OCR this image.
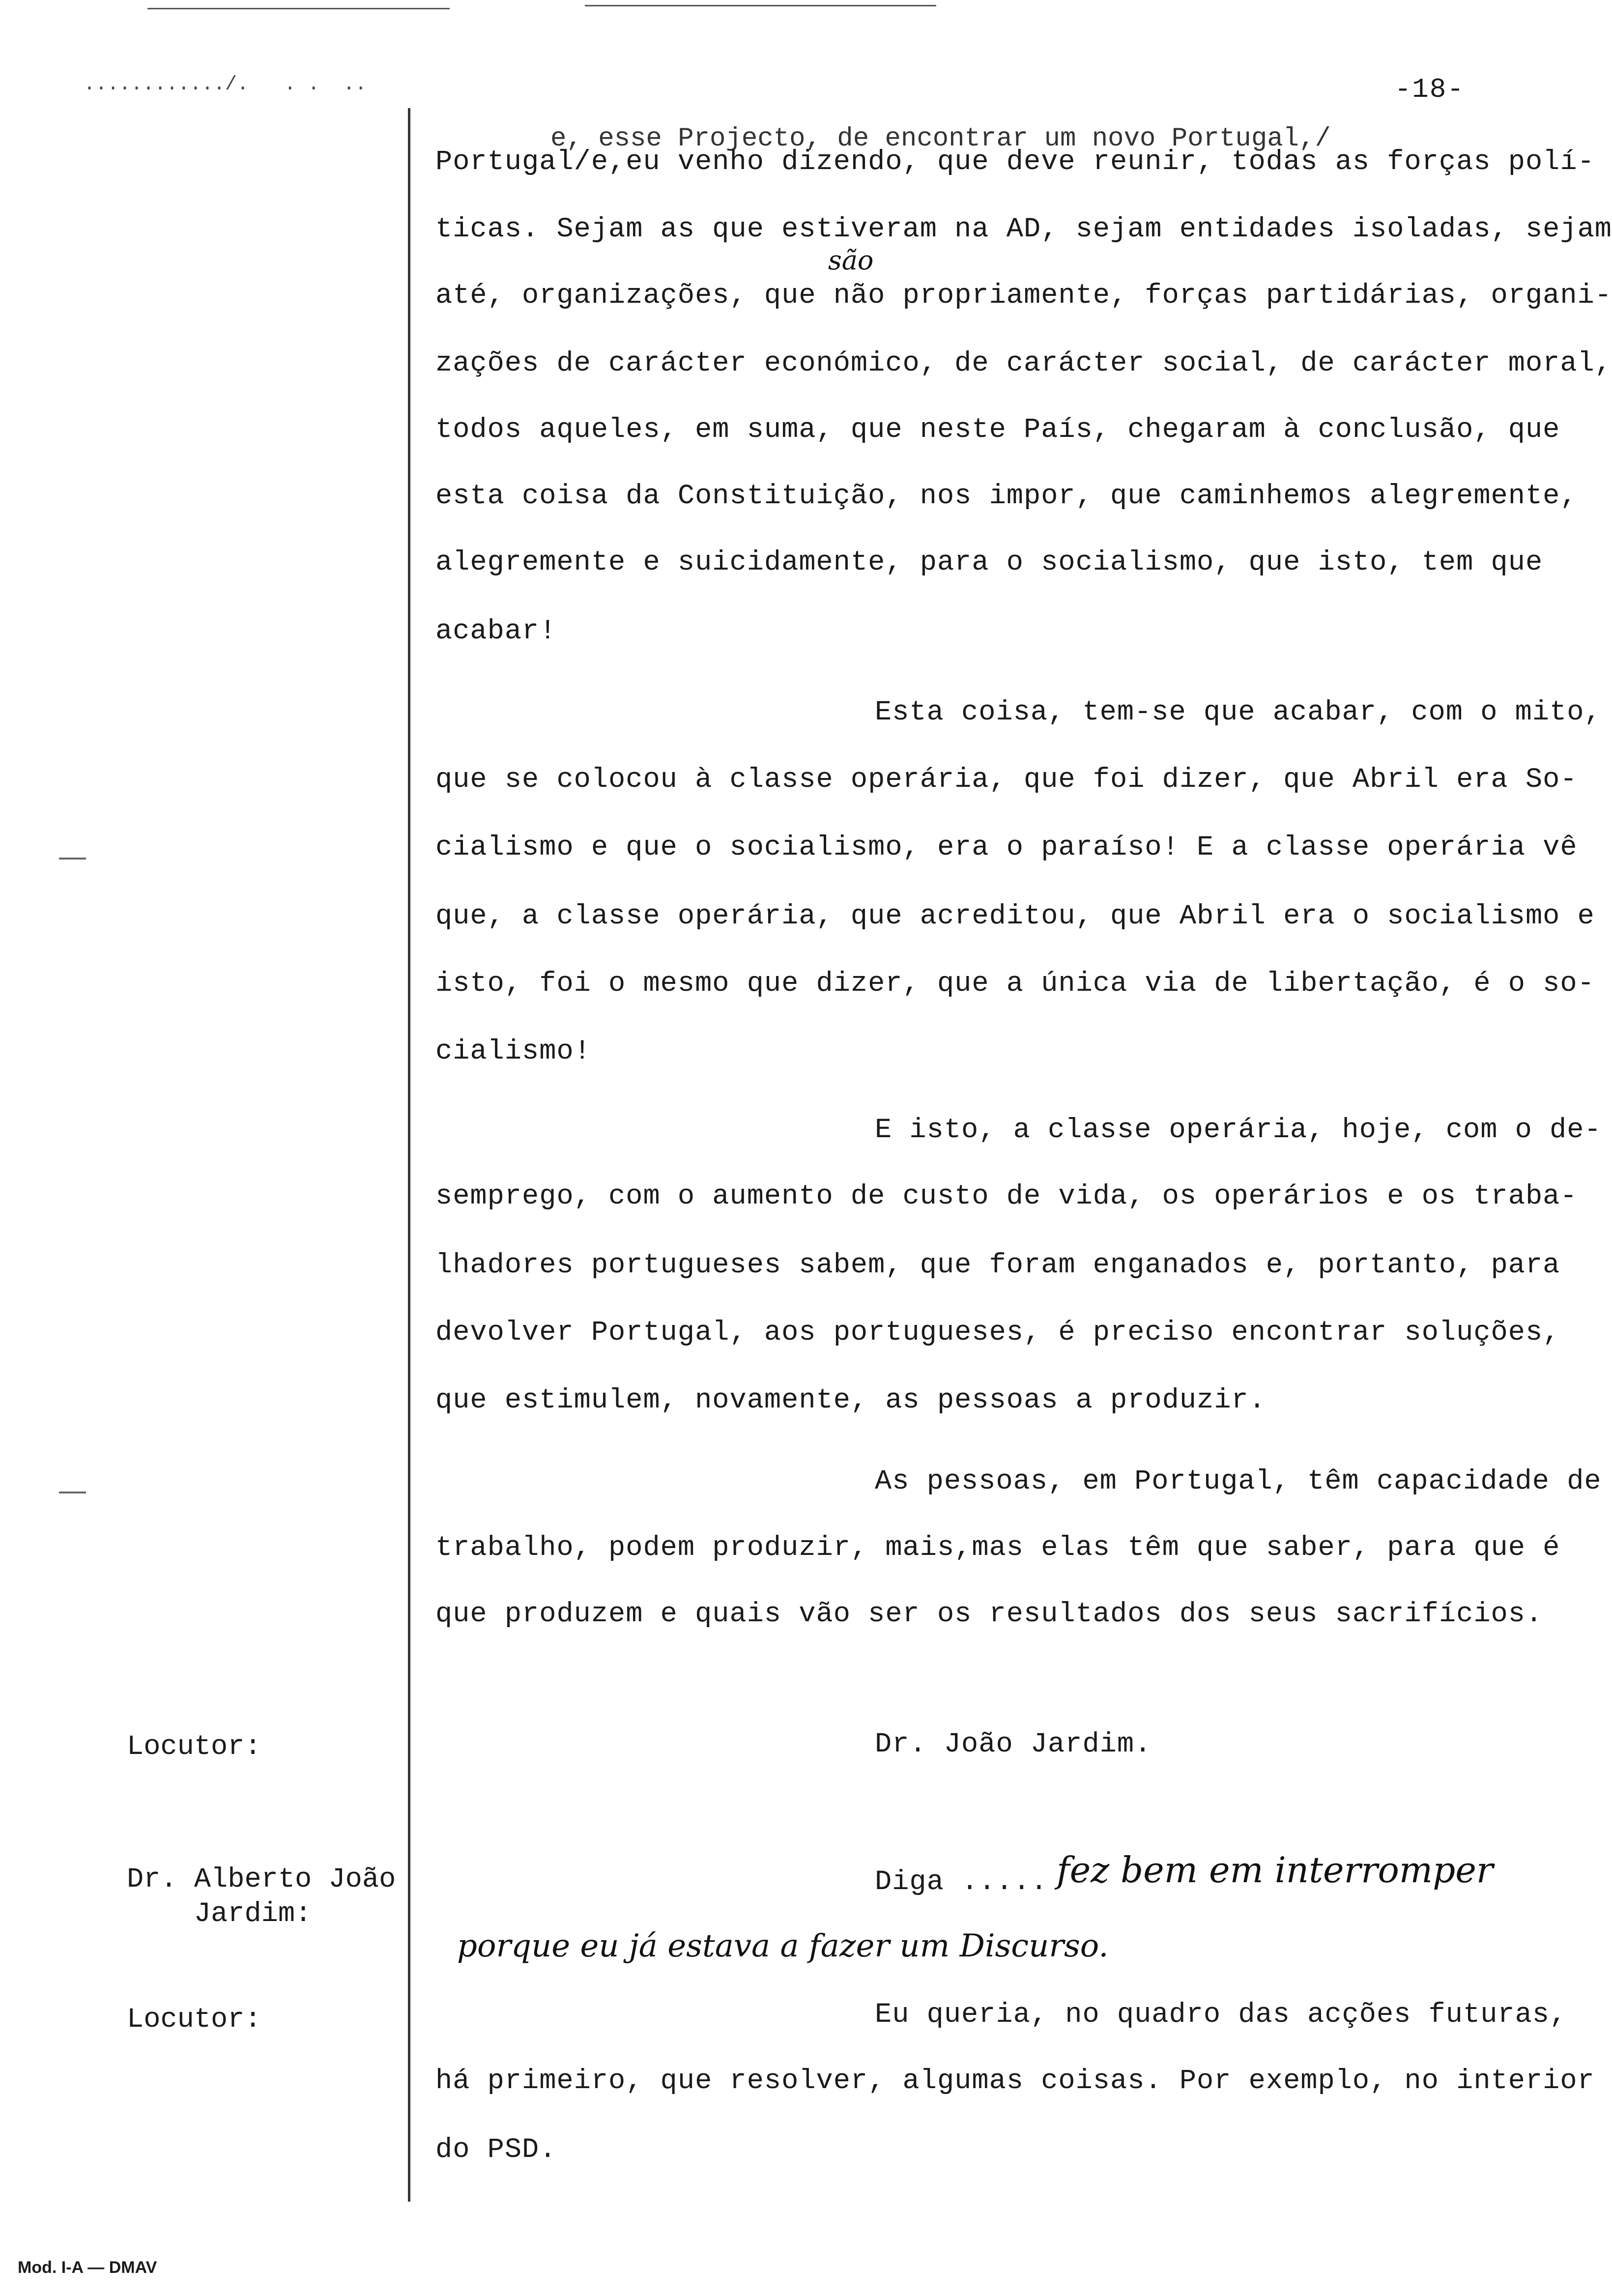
............/.   . .  ..	-18-
e, esse Projecto, de encontrar um novo Portugal,/
são
Portugal/e,eu venho dizendo, que deve reunir, todas as forças polí-
ticas. Sejam as que estiveram na AD, sejam entidades isoladas, sejam
até, organizações, que não propriamente, forças partidárias, organi-
zações de carácter económico, de carácter social, de carácter moral,
todos aqueles, em suma, que neste País, chegaram à conclusão, que
esta coisa da Constituição, nos impor, que caminhemos alegremente,
alegremente e suicidamente, para o socialismo, que isto, tem que
acabar!
Esta coisa, tem-se que acabar, com o mito,
que se colocou à classe operária, que foi dizer, que Abril era So-
cialismo e que o socialismo, era o paraíso! E a classe operária vê
que, a classe operária, que acreditou, que Abril era o socialismo e
isto, foi o mesmo que dizer, que a única via de libertação, é o so-
cialismo!
E isto, a classe operária, hoje, com o de-
semprego, com o aumento de custo de vida, os operários e os traba-
lhadores portugueses sabem, que foram enganados e, portanto, para
devolver Portugal, aos portugueses, é preciso encontrar soluções,
que estimulem, novamente, as pessoas a produzir.
As pessoas, em Portugal, têm capacidade de
trabalho, podem produzir, mais,mas elas têm que saber, para que é
que produzem e quais vão ser os resultados dos seus sacrifícios.
Dr. João Jardim.
Diga ..... fez bem em interromper
porque eu já estava a fazer um Discurso.
Eu queria, no quadro das acções futuras,
há primeiro, que resolver, algumas coisas. Por exemplo, no interior
do PSD.
Locutor:
Dr. Alberto João
Jardim:
Locutor:
Mod. I-A — DMAV
